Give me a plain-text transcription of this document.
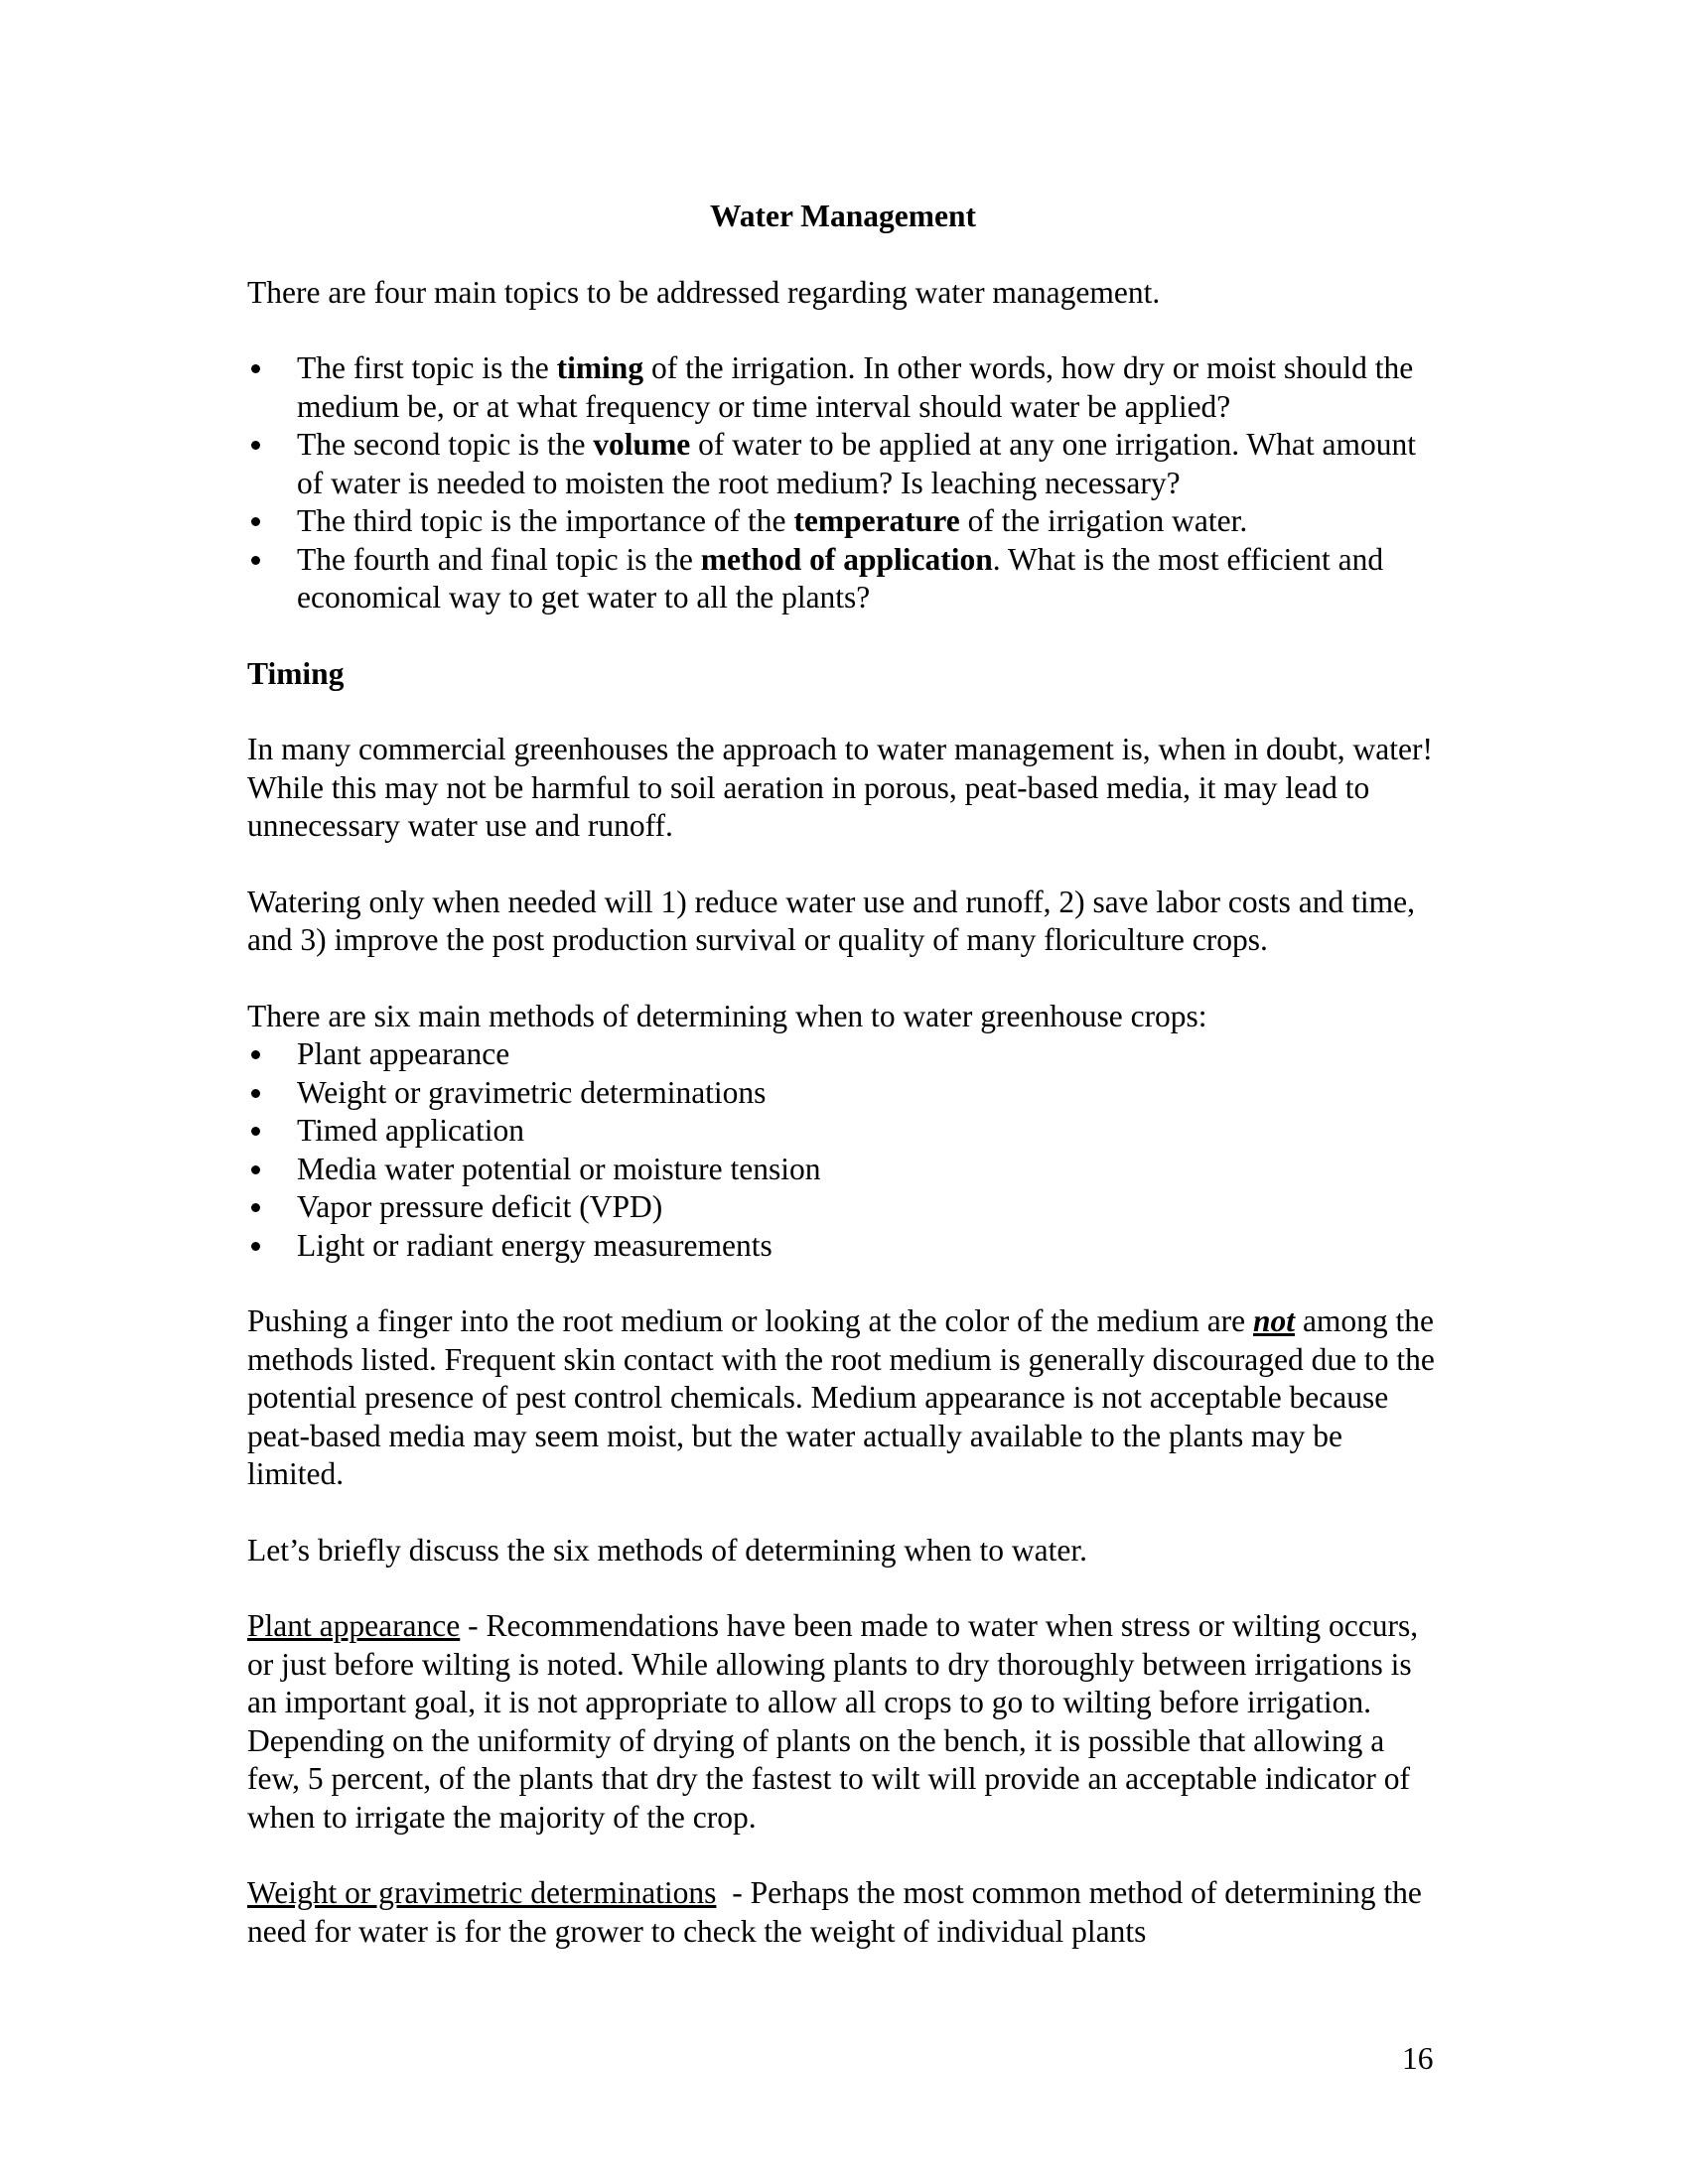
Water Management

There are four main topics to be addressed regarding water management.

The first topic is the timing of the irrigation. In other words, how dry or moist should the medium be, or at what frequency or time interval should water be applied?
The second topic is the volume of water to be applied at any one irrigation. What amount of water is needed to moisten the root medium? Is leaching necessary?
The third topic is the importance of the temperature of the irrigation water.
The fourth and final topic is the method of application. What is the most efficient and economical way to get water to all the plants?
Timing

In many commercial greenhouses the approach to water management is, when in doubt, water! While this may not be harmful to soil aeration in porous, peat-based media, it may lead to unnecessary water use and runoff.

Watering only when needed will 1) reduce water use and runoff, 2) save labor costs and time, and 3) improve the post production survival or quality of many floriculture crops.

There are six main methods of determining when to water greenhouse crops:

Plant appearance
Weight or gravimetric determinations
Timed application
Media water potential or moisture tension
Vapor pressure deficit (VPD)
Light or radiant energy measurements

Pushing a finger into the root medium or looking at the color of the medium are not among the methods listed. Frequent skin contact with the root medium is generally discouraged due to the potential presence of pest control chemicals. Medium appearance is not acceptable because peat-based media may seem moist, but the water actually available to the plants may be limited.

Let’s briefly discuss the six methods of determining when to water.

Plant appearance - Recommendations have been made to water when stress or wilting occurs, or just before wilting is noted. While allowing plants to dry thoroughly between irrigations is an important goal, it is not appropriate to allow all crops to go to wilting before irrigation. Depending on the uniformity of drying of plants on the bench, it is possible that allowing a few, 5 percent, of the plants that dry the fastest to wilt will provide an acceptable indicator of when to irrigate the majority of the crop.

Weight or gravimetric determinations  - Perhaps the most common method of determining the need for water is for the grower to check the weight of individual plants

16
